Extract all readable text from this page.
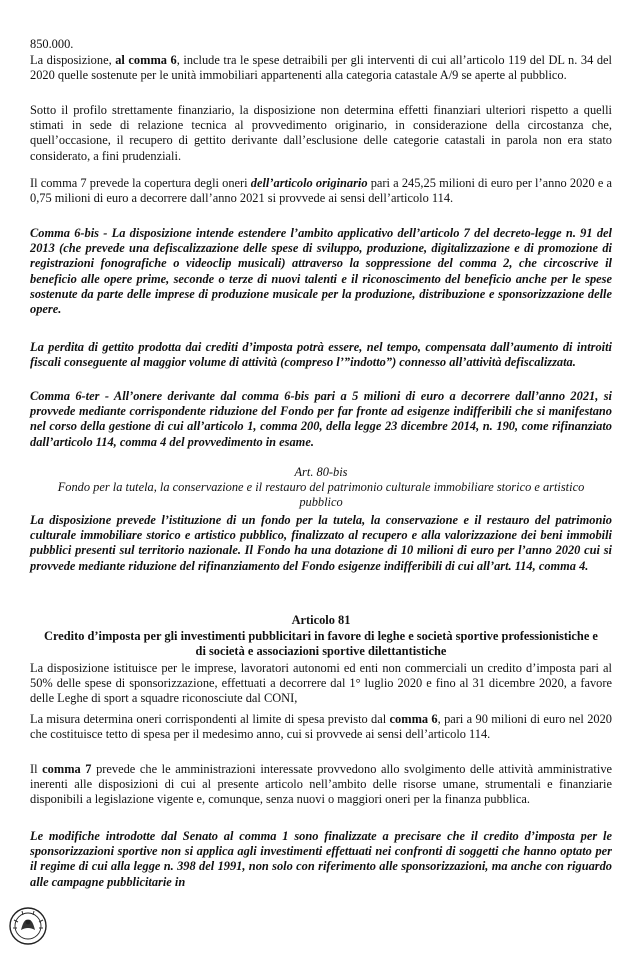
850.000.

La disposizione, al comma 6, include tra le spese detraibili per gli interventi di cui all’articolo 119 del DL n. 34 del 2020 quelle sostenute per le unità immobiliari appartenenti alla categoria catastale A/9 se aperte al pubblico.

Sotto il profilo strettamente finanziario, la disposizione non determina effetti finanziari ulteriori rispetto a quelli stimati in sede di relazione tecnica al provvedimento originario, in considerazione della circostanza che, quell’occasione, il recupero di gettito derivante dall’esclusione delle categorie catastali in parola non era stato considerato, a fini prudenziali.

Il comma 7 prevede la copertura degli oneri dell’articolo originario pari a 245,25 milioni di euro per l’anno 2020 e a 0,75 milioni di euro a decorrere dall’anno 2021 si provvede ai sensi dell’articolo 114.

Comma 6-bis - La disposizione intende estendere l’ambito applicativo dell’articolo 7 del decreto-legge n. 91 del 2013 (che prevede una defiscalizzazione delle spese di sviluppo, produzione, digitalizzazione e di promozione di registrazioni fonografiche o videoclip musicali) attraverso la soppressione del comma 2, che circoscrive il beneficio alle opere prime, seconde o terze di nuovi talenti e il riconoscimento del beneficio anche per le spese sostenute da parte delle imprese di produzione musicale per la produzione, distribuzione e sponsorizzazione delle opere.

La perdita di gettito prodotta dai crediti d’imposta potrà essere, nel tempo, compensata dall’aumento di introiti fiscali conseguente al maggior volume di attività (compreso l’”indotto”) connesso all’attività defiscalizzata.

Comma 6-ter - All’onere derivante dal comma 6-bis pari a 5 milioni di euro a decorrere dall’anno 2021, si provvede mediante corrispondente riduzione del Fondo per far fronte ad esigenze indifferibili che si manifestano nel corso della gestione di cui all’articolo 1, comma 200, della legge 23 dicembre 2014, n. 190, come rifinanziato dall’articolo 114, comma 4 del provvedimento in esame.

Art. 80-bis

Fondo per la tutela, la conservazione e il restauro del patrimonio culturale immobiliare storico e artistico pubblico

La disposizione prevede l’istituzione di un fondo per la tutela, la conservazione e il restauro del patrimonio culturale immobiliare storico e artistico pubblico, finalizzato al recupero e alla valorizzazione dei beni immobili pubblici presenti sul territorio nazionale. Il Fondo ha una dotazione di 10 milioni di euro per l’anno 2020 cui si provvede mediante riduzione del rifinanziamento del Fondo esigenze indifferibili di cui all’art. 114, comma 4.

Articolo 81

Credito d’imposta per gli investimenti pubblicitari in favore di leghe e società sportive professionistiche e di società e associazioni sportive dilettantistiche

La disposizione istituisce per le imprese, lavoratori autonomi ed enti non commerciali un credito d’imposta pari al 50% delle spese di sponsorizzazione, effettuati a decorrere dal 1° luglio 2020 e fino al 31 dicembre 2020, a favore delle Leghe di sport a squadre riconosciute dal CONI,

La misura determina oneri corrispondenti al limite di spesa previsto dal comma 6, pari a 90 milioni di euro nel 2020 che costituisce tetto di spesa per il medesimo anno, cui si provvede ai sensi dell’articolo 114.

Il comma 7 prevede che le amministrazioni interessate provvedono allo svolgimento delle attività amministrative inerenti alle disposizioni di cui al presente articolo nell’ambito delle risorse umane, strumentali e finanziarie disponibili a legislazione vigente e, comunque, senza nuovi o maggiori oneri per la finanza pubblica.

Le modifiche introdotte dal Senato al comma 1 sono finalizzate a precisare che il credito d’imposta per le sponsorizzazioni sportive non si applica agli investimenti effettuati nei confronti di soggetti che hanno optato per il regime di cui alla legge n. 398 del 1991, non solo con riferimento alle sponsorizzazioni, ma anche con riguardo alle campagne pubblicitarie in
